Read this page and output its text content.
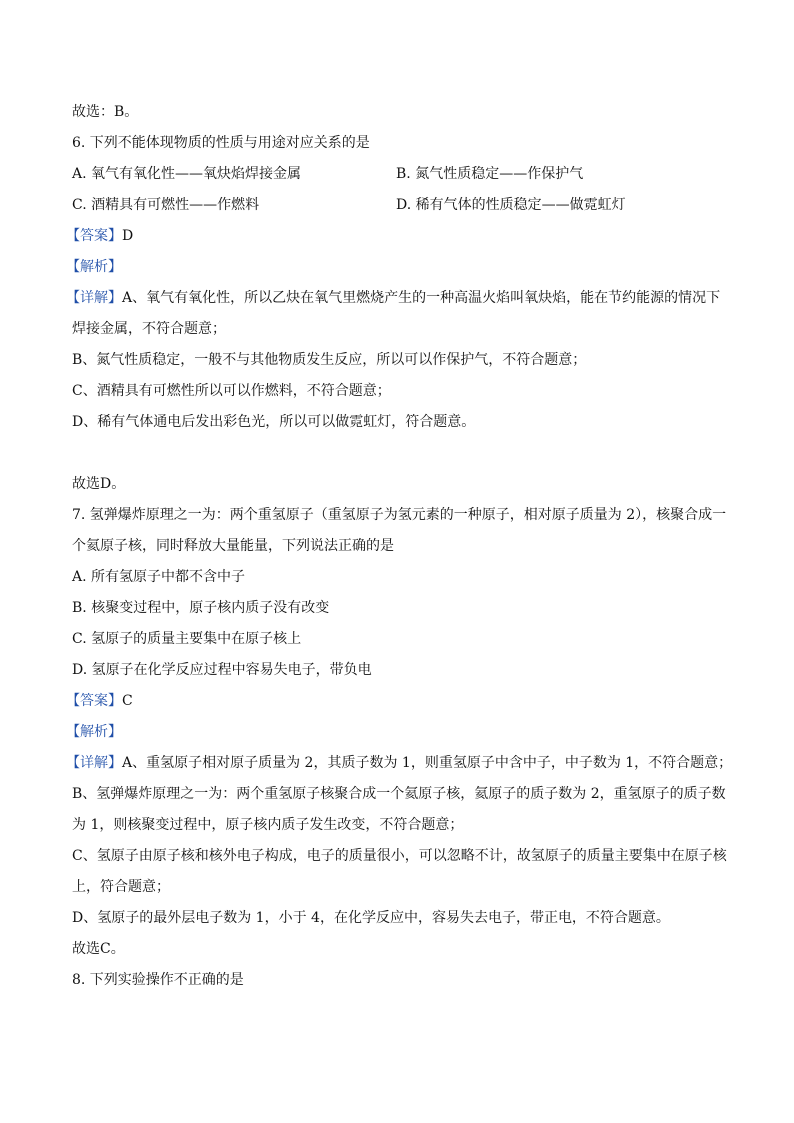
故选：B。
6. 下列不能体现物质的性质与用途对应关系的是
A. 氧气有氧化性——氧炔焰焊接金属	B. 氮气性质稳定——作保护气
C. 酒精具有可燃性——作燃料	D. 稀有气体的性质稳定——做霓虹灯
【答案】D
【解析】
【详解】A、氧气有氧化性，所以乙炔在氧气里燃烧产生的一种高温火焰叫氧炔焰，能在节约能源的情况下
焊接金属，不符合题意；
B、氮气性质稳定，一般不与其他物质发生反应，所以可以作保护气，不符合题意；
C、酒精具有可燃性所以可以作燃料，不符合题意；
D、稀有气体通电后发出彩色光，所以可以做霓虹灯，符合题意。
故选D。
7. 氢弹爆炸原理之一为：两个重氢原子（重氢原子为氢元素的一种原子，相对原子质量为 2），核聚合成一
个氦原子核，同时释放大量能量，下列说法正确的是
A. 所有氢原子中都不含中子
B. 核聚变过程中，原子核内质子没有改变
C. 氢原子的质量主要集中在原子核上
D. 氢原子在化学反应过程中容易失电子，带负电
【答案】C
【解析】
【详解】A、重氢原子相对原子质量为 2，其质子数为 1，则重氢原子中含中子，中子数为 1，不符合题意；
B、氢弹爆炸原理之一为：两个重氢原子核聚合成一个氦原子核，氦原子的质子数为 2，重氢原子的质子数
为 1，则核聚变过程中，原子核内质子发生改变，不符合题意；
C、氢原子由原子核和核外电子构成，电子的质量很小，可以忽略不计，故氢原子的质量主要集中在原子核
上，符合题意；
D、氢原子的最外层电子数为 1，小于 4，在化学反应中，容易失去电子，带正电，不符合题意。
故选C。
8. 下列实验操作不正确的是
